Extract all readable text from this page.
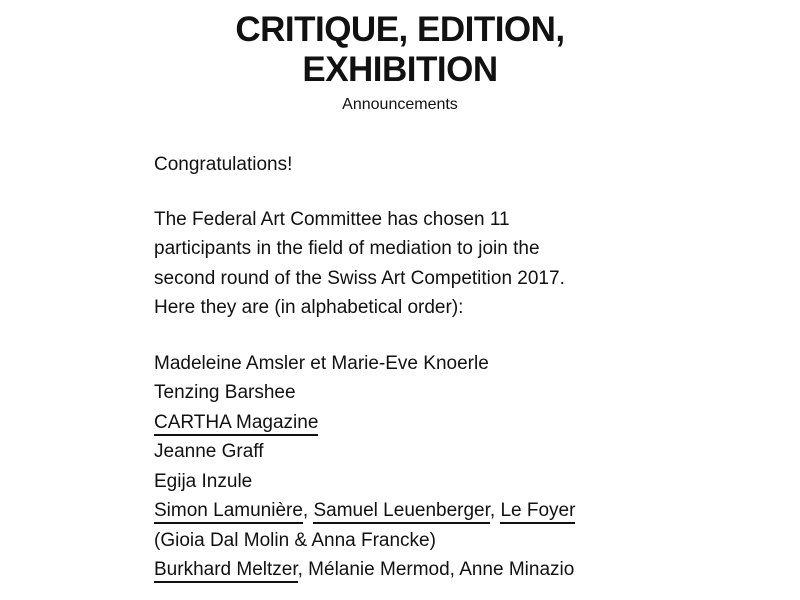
CRITIQUE, EDITION,
EXHIBITION
Announcements

Congratulations!

The Federal Art Committee has chosen 11
participants in the field of mediation to join the
second round of the Swiss Art Competition 2017.
Here they are (in alphabetical order):

Madeleine Amsler et Marie-Eve Knoerle
Tenzing Barshee
CARTHA Magazine
Jeanne Graff
Egija Inzule
Simon Lamunière, Samuel Leuenberger, Le Foyer
(Gioia Dal Molin & Anna Francke)
Burkhard Meltzer, Mélanie Mermod, Anne Minazio
